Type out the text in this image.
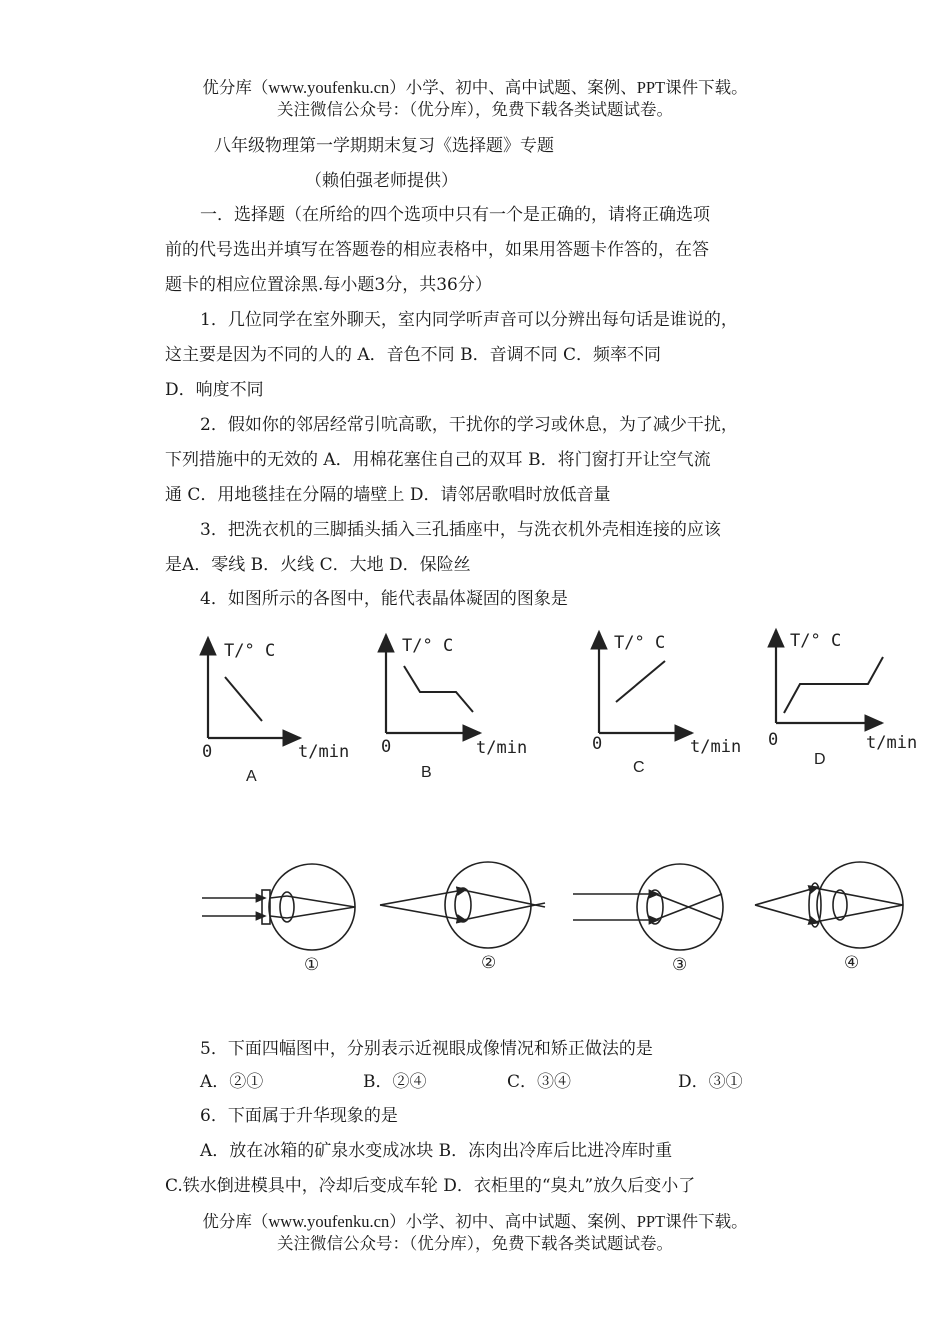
优分库（www.youfenku.cn）小学、初中、高中试题、案例、PPT课件下载。
关注微信公众号：（优分库），免费下载各类试题试卷。
八年级物理第一学期期末复习《选择题》专题
（赖伯强老师提供）
一．选择题（在所给的四个选项中只有一个是正确的，请将正确选项
前的代号选出并填写在答题卷的相应表格中，如果用答题卡作答的，在答
题卡的相应位置涂黑.每小题3分，共36分）
1．几位同学在室外聊天，室内同学听声音可以分辨出每句话是谁说的，
这主要是因为不同的人的 A．音色不同 B．音调不同 C．频率不同
D．响度不同
2．假如你的邻居经常引吭高歌，干扰你的学习或休息，为了减少干扰，
下列措施中的无效的 A．用棉花塞住自己的双耳 B．将门窗打开让空气流
通 C．用地毯挂在分隔的墙壁上 D．请邻居歌唱时放低音量
3．把洗衣机的三脚插头插入三孔插座中，与洗衣机外壳相连接的应该
是A．零线 B．火线 C．大地 D．保险丝
4．如图所示的各图中，能代表晶体凝固的图象是
T/° C
0	t/min
A
T/° C
0	t/min
B
T/° C
0	t/min
C
T/° C
0	t/min
D
①	②	③	④
5．下面四幅图中，分别表示近视眼成像情况和矫正做法的是
A．②①	B．②④	C．③④	D．③①
6．下面属于升华现象的是
A．放在冰箱的矿泉水变成冰块 B．冻肉出冷库后比进冷库时重
C.铁水倒进模具中，冷却后变成车轮 D．衣柜里的“臭丸”放久后变小了
优分库（www.youfenku.cn）小学、初中、高中试题、案例、PPT课件下载。
关注微信公众号：（优分库），免费下载各类试题试卷。
